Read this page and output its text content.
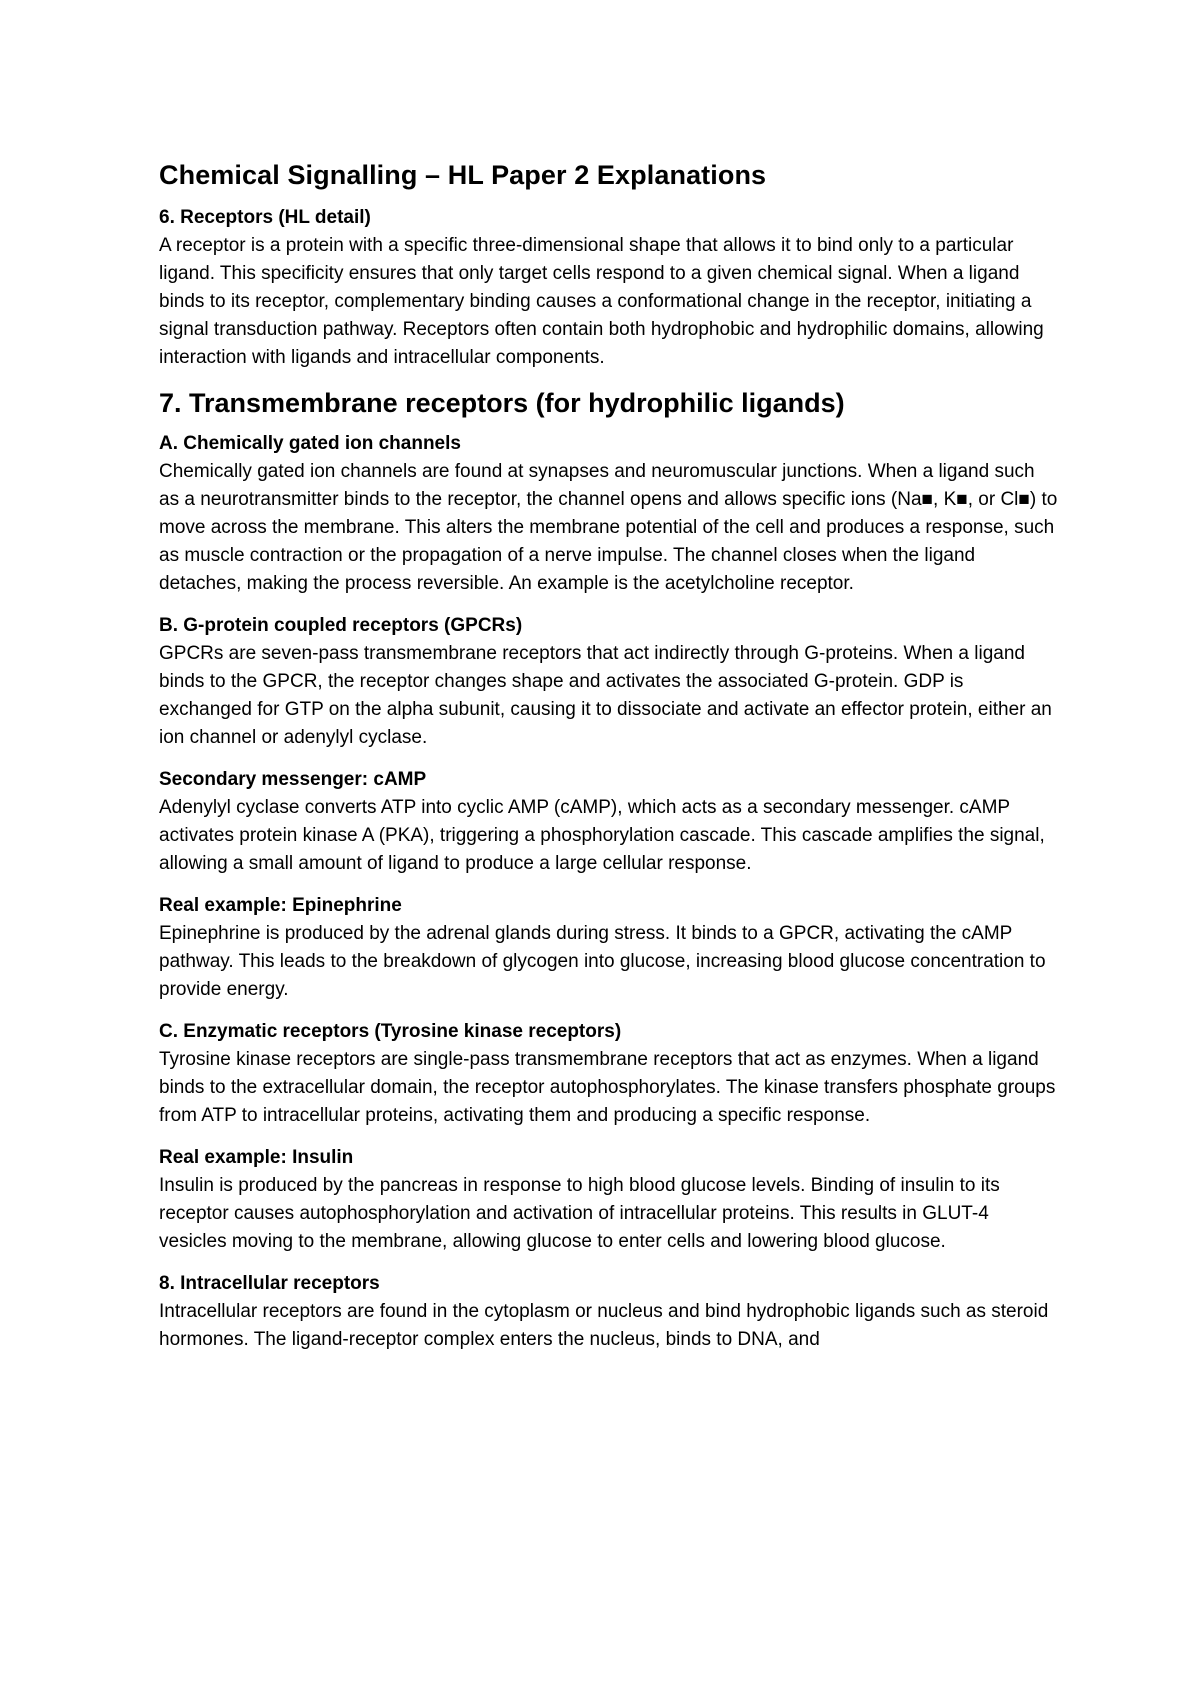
Chemical Signalling – HL Paper 2 Explanations

6. Receptors (HL detail)

A receptor is a protein with a specific three-dimensional shape that allows it to bind only to a particular ligand. This specificity ensures that only target cells respond to a given chemical signal. When a ligand binds to its receptor, complementary binding causes a conformational change in the receptor, initiating a signal transduction pathway. Receptors often contain both hydrophobic and hydrophilic domains, allowing interaction with ligands and intracellular components.

7. Transmembrane receptors (for hydrophilic ligands)

A. Chemically gated ion channels

Chemically gated ion channels are found at synapses and neuromuscular junctions. When a ligand such as a neurotransmitter binds to the receptor, the channel opens and allows specific ions (Na■, K■, or Cl■) to move across the membrane. This alters the membrane potential of the cell and produces a response, such as muscle contraction or the propagation of a nerve impulse. The channel closes when the ligand detaches, making the process reversible. An example is the acetylcholine receptor.

B. G-protein coupled receptors (GPCRs)

GPCRs are seven-pass transmembrane receptors that act indirectly through G-proteins. When a ligand binds to the GPCR, the receptor changes shape and activates the associated G-protein. GDP is exchanged for GTP on the alpha subunit, causing it to dissociate and activate an effector protein, either an ion channel or adenylyl cyclase.

Secondary messenger: cAMP

Adenylyl cyclase converts ATP into cyclic AMP (cAMP), which acts as a secondary messenger. cAMP activates protein kinase A (PKA), triggering a phosphorylation cascade. This cascade amplifies the signal, allowing a small amount of ligand to produce a large cellular response.

Real example: Epinephrine

Epinephrine is produced by the adrenal glands during stress. It binds to a GPCR, activating the cAMP pathway. This leads to the breakdown of glycogen into glucose, increasing blood glucose concentration to provide energy.

C. Enzymatic receptors (Tyrosine kinase receptors)

Tyrosine kinase receptors are single-pass transmembrane receptors that act as enzymes. When a ligand binds to the extracellular domain, the receptor autophosphorylates. The kinase transfers phosphate groups from ATP to intracellular proteins, activating them and producing a specific response.

Real example: Insulin

Insulin is produced by the pancreas in response to high blood glucose levels. Binding of insulin to its receptor causes autophosphorylation and activation of intracellular proteins. This results in GLUT-4 vesicles moving to the membrane, allowing glucose to enter cells and lowering blood glucose.

8. Intracellular receptors

Intracellular receptors are found in the cytoplasm or nucleus and bind hydrophobic ligands such as steroid hormones. The ligand-receptor complex enters the nucleus, binds to DNA, and
